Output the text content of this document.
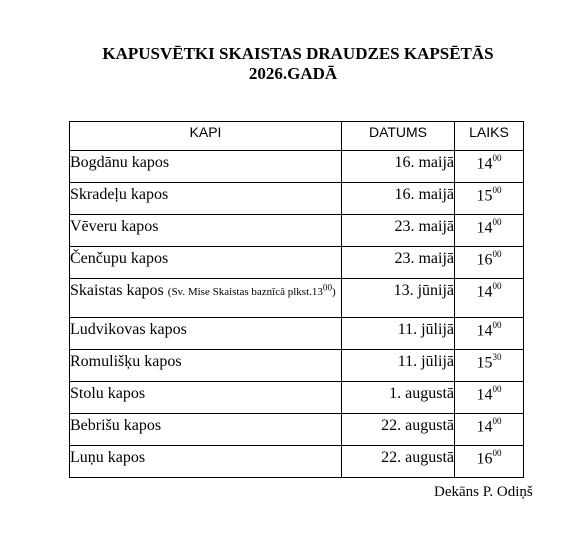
KAPUSVĒTKI SKAISTAS DRAUDZES KAPSĒTĀS
2026.GADĀ
KAPI	DATUMS	LAIKS
Bogdānu kapos	16. maijā	$14^{00}$
Skradeļu kapos	16. maijā	$15^{00}$
Vēveru kapos	23. maijā	$14^{00}$
Čenčupu kapos	23. maijā	$16^{00}$
Skaistas kapos (Sv. Mise Skaistas baznīcā $plkst.13^{00}$)	13. jūnijā	$14^{00}$
Ludvikovas kapos	11. jūlijā	$14^{00}$
Romulišķu kapos	11. jūlijā	$15^{30}$
Stolu kapos	1. augustā	$14^{00}$
Bebrišu kapos	22. augustā	$14^{00}$
Luņu kapos	22. augustā	$16^{00}$
Dekāns P. Odiņš
